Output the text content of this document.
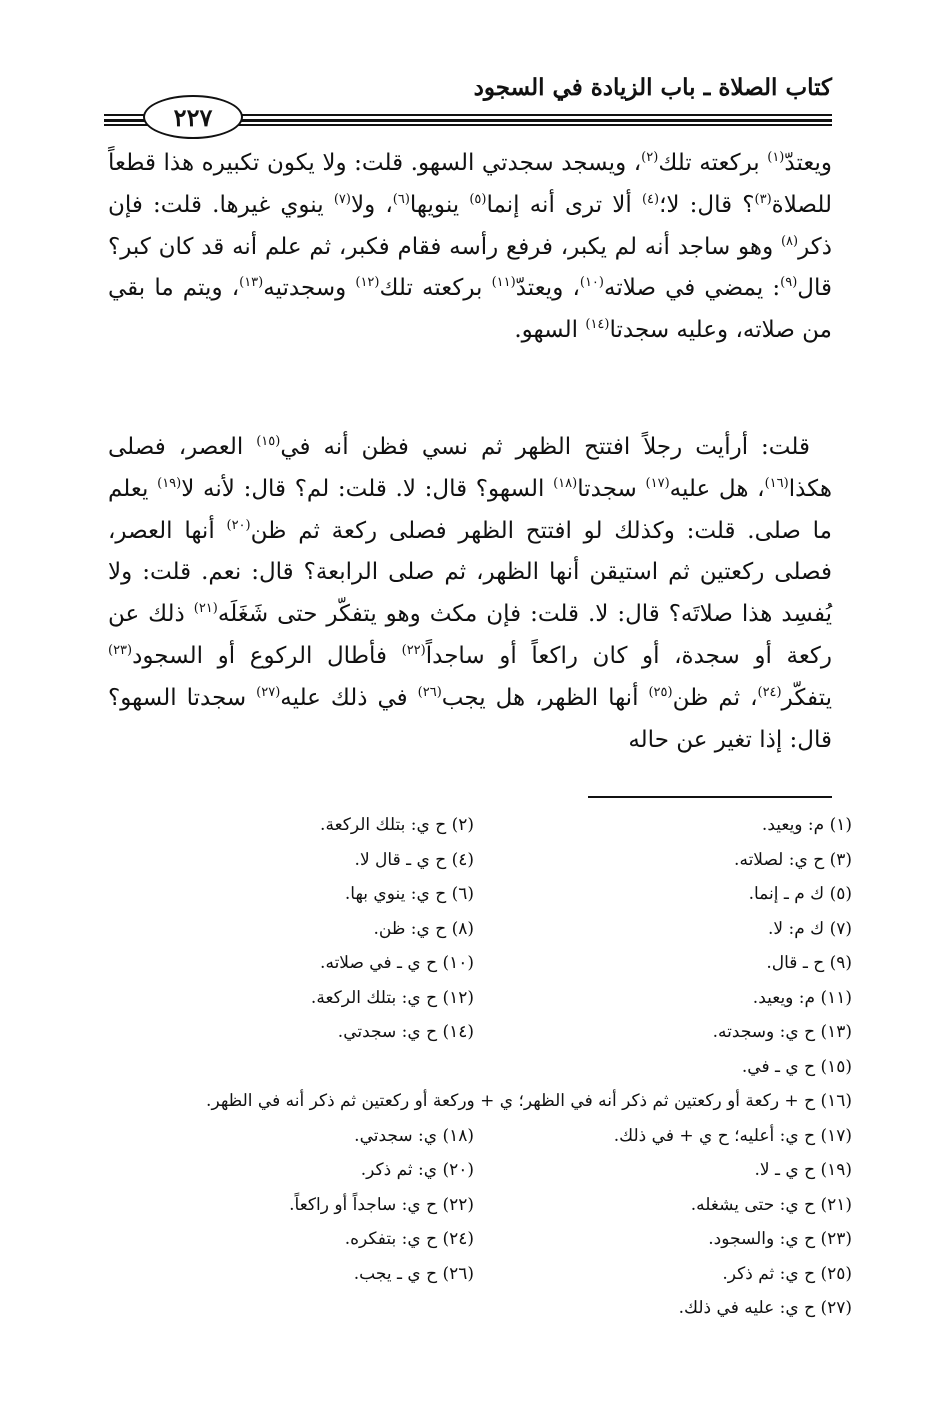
كتاب الصلاة ـ باب الزيادة في السجود
٢٢٧

ويعتدّ$^{(١)}$ بركعته تلك$^{(٢)}$، ويسجد سجدتي السهو. قلت: ولا يكون تكبيره هذا قطعاً للصلاة$^{(٣)}$؟ قال: لا؛$^{(٤)}$ ألا ترى أنه إنما$^{(٥)}$ ينويها$^{(٦)}$، ولا$^{(٧)}$ ينوي غيرها. قلت: فإن ذكر$^{(٨)}$ وهو ساجد أنه لم يكبر، فرفع رأسه فقام فكبر، ثم علم أنه قد كان كبر؟ قال$^{(٩)}$: يمضي في صلاته$^{(١٠)}$، ويعتدّ$^{(١١)}$ بركعته تلك$^{(١٢)}$ وسجدتيه$^{(١٣)}$، ويتم ما بقي من صلاته، وعليه سجدتا$^{(١٤)}$ السهو.

قلت: أرأيت رجلاً افتتح الظهر ثم نسي فظن أنه في$^{(١٥)}$ العصر، فصلى هكذا$^{(١٦)}$، هل عليه$^{(١٧)}$ سجدتا$^{(١٨)}$ السهو؟ قال: لا. قلت: لم؟ قال: لأنه لا$^{(١٩)}$ يعلم ما صلى. قلت: وكذلك لو افتتح الظهر فصلى ركعة ثم ظن$^{(٢٠)}$ أنها العصر، فصلى ركعتين ثم استيقن أنها الظهر، ثم صلى الرابعة؟ قال: نعم. قلت: ولا يُفسِد هذا صلاتَه؟ قال: لا. قلت: فإن مكث وهو يتفكّر حتى شَغَلَه$^{(٢١)}$ ذلك عن ركعة أو سجدة، أو كان راكعاً أو ساجداً$^{(٢٢)}$ فأطال الركوع أو السجود$^{(٢٣)}$ يتفكّر$^{(٢٤)}$، ثم ظن$^{(٢٥)}$ أنها الظهر، هل يجب$^{(٢٦)}$ في ذلك عليه$^{(٢٧)}$ سجدتا السهو؟ قال: إذا تغير عن حاله

(١) م: ويعيد.
(٢) ح ي: بتلك الركعة.
(٣) ح ي: لصلاته.
(٤) ح ي ـ قال لا.
(٥) ك م ـ إنما.
(٦) ح ي: ينوي بها.
(٧) ك م: لا.
(٨) ح ي: ظن.
(٩) ح ـ قال.
(١٠) ح ي ـ في صلاته.
(١١) م: ويعيد.
(١٢) ح ي: بتلك الركعة.
(١٣) ح ي: وسجدته.
(١٤) ح ي: سجدتي.
(١٥) ح ي ـ في.
(١٦) ح + ركعة أو ركعتين ثم ذكر أنه في الظهر؛ ي + وركعة أو ركعتين ثم ذكر أنه في الظهر.
(١٧) ح ي: أعليه؛ ح ي + في ذلك.
(١٨) ي: سجدتي.
(١٩) ح ي ـ لا.
(٢٠) ي: ثم ذكر.
(٢١) ح ي: حتى يشغله.
(٢٢) ح ي: ساجداً أو راكعاً.
(٢٣) ح ي: والسجود.
(٢٤) ح ي: بتفكره.
(٢٥) ح ي: ثم ذكر.
(٢٦) ح ي ـ يجب.
(٢٧) ح ي: عليه في ذلك.
